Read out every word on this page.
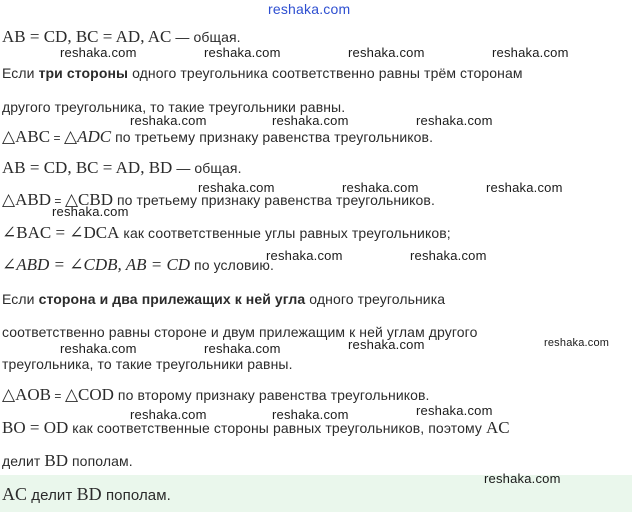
reshaka.com
AB = CD, BC = AD, AC — общая.
Если три стороны одного треугольника соответственно равны трём сторонам
другого треугольника, то такие треугольники равны.
△ABC = △ADC по третьему признаку равенства треугольников.
AB = CD, BC = AD, BD — общая.
△ABD = △CBD по третьему признаку равенства треугольников.
∠BAC = ∠DCA как соответственные углы равных треугольников;
∠ABD = ∠CDB, AB = CD по условию.
Если сторона и два прилежащих к ней угла одного треугольника
соответственно равны стороне и двум прилежащим к ней углам другого
треугольника, то такие треугольники равны.
△AOB = △COD по второму признаку равенства треугольников.
BO = OD как соответственные стороны равных треугольников, поэтому AC
делит BD пополам.
AC делит BD пополам.
reshaka.com	reshaka.com	reshaka.com	reshaka.com
reshaka.com	reshaka.com	reshaka.com
reshaka.com	reshaka.com	reshaka.com
reshaka.com
reshaka.com	reshaka.com
reshaka.com	reshaka.com	reshaka.com	reshaka.com
reshaka.com	reshaka.com	reshaka.com
reshaka.com
